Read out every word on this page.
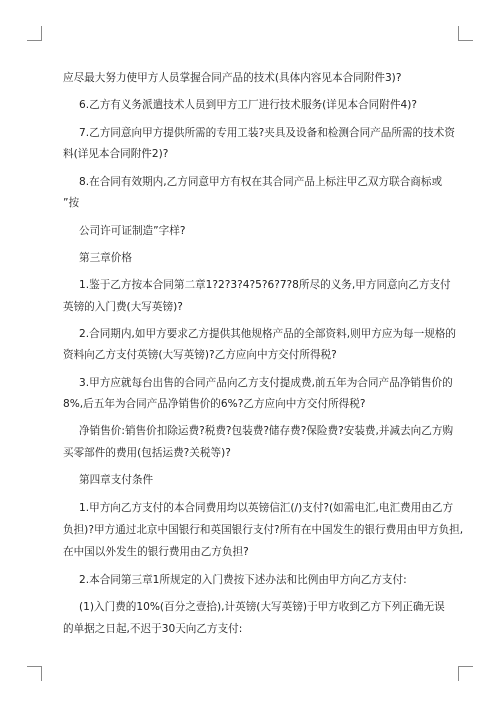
应尽最大努力使甲方人员掌握合同产品的技术(具体内容见本合同附件3)?
6.乙方有义务派遣技术人员到甲方工厂进行技术服务(详见本合同附件4)?
7.乙方同意向甲方提供所需的专用工装?夹具及设备和检测合同产品所需的技术资
料(详见本合同附件2)?
8.在合同有效期内,乙方同意甲方有权在其合同产品上标注甲乙双方联合商标或
”按
公司许可证制造”字样?
第三章价格
1.鉴于乙方按本合同第二章1?2?3?4?5?6?7?8所尽的义务,甲方同意向乙方支付
英镑的入门费(大写英镑)?
2.合同期内,如甲方要求乙方提供其他规格产品的全部资料,则甲方应为每一规格的
资料向乙方支付英镑(大写英镑)?乙方应向中方交付所得税?
3.甲方应就每台出售的合同产品向乙方支付提成费,前五年为合同产品净销售价的
8%,后五年为合同产品净销售价的6%?乙方应向中方交付所得税?
净销售价:销售价扣除运费?税费?包装费?储存费?保险费?安装费,并减去向乙方购
买零部件的费用(包括运费?关税等)?
第四章支付条件
1.甲方向乙方支付的本合同费用均以英镑信汇(/)支付?(如需电汇,电汇费用由乙方
负担)?甲方通过北京中国银行和英国银行支付?所有在中国发生的银行费用由甲方负担,
在中国以外发生的银行费用由乙方负担?
2.本合同第三章1所规定的入门费按下述办法和比例由甲方向乙方支付:
(1)入门费的10%(百分之壹拾),计英镑(大写英镑)于甲方收到乙方下列正确无误
的单据之日起,不迟于30天向乙方支付:
